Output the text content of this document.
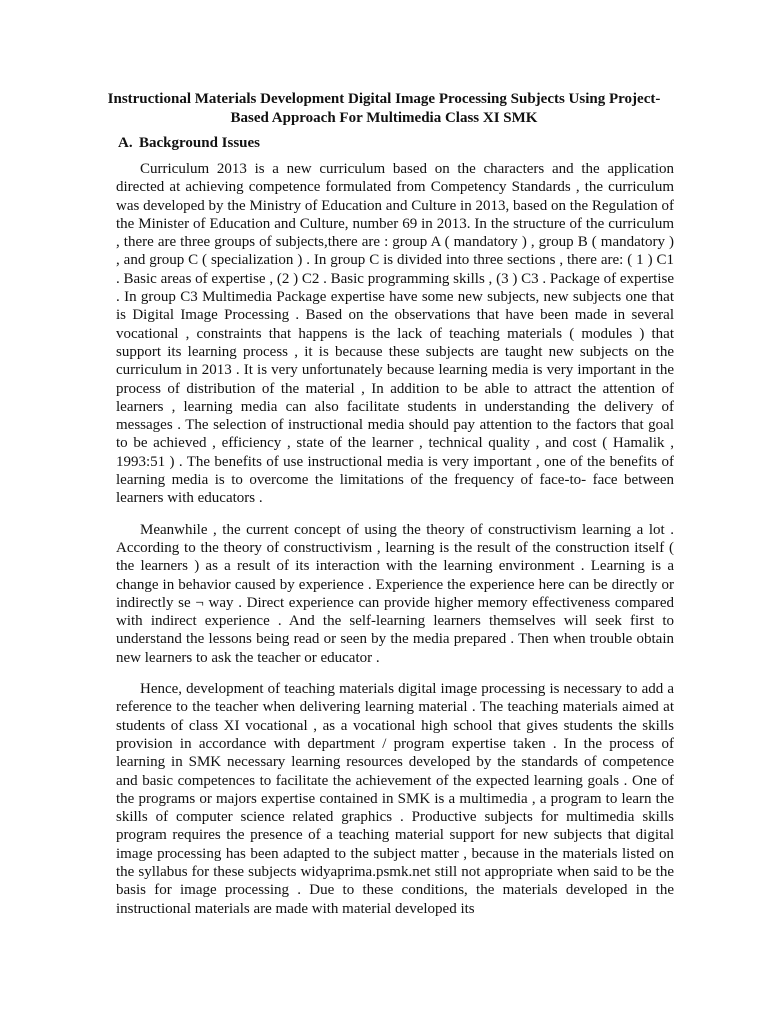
Instructional Materials Development Digital Image Processing Subjects Using Project-
Based Approach For Multimedia Class XI SMK
A. Background Issues

Curriculum 2013 is a new curriculum based on the characters and the application directed at achieving competence formulated from Competency Standards , the curriculum was developed by the Ministry of Education and Culture in 2013, based on the Regulation of the Minister of Education and Culture, number 69 in 2013. In the structure of the curriculum , there are three groups of subjects,there are : group A ( mandatory ) , group B ( mandatory ) , and group C ( specialization ) . In group C is divided into three sections , there are: ( 1 ) C1 . Basic areas of expertise , (2 ) C2 . Basic programming skills , (3 ) C3 . Package of expertise . In group C3 Multimedia Package expertise have some new subjects, new subjects one that is Digital Image Processing . Based on the observations that have been made in several vocational , constraints that happens is the lack of teaching materials ( modules ) that support its learning process , it is because these subjects are taught new subjects on the curriculum in 2013 . It is very unfortunately because learning media is very important in the process of distribution of the material , In addition to be able to attract the attention of learners , learning media can also facilitate students in understanding the delivery of messages . The selection of instructional media should pay attention to the factors that goal to be achieved , efficiency , state of the learner , technical quality , and cost ( Hamalik , 1993:51 ) . The benefits of use instructional media is very important , one of the benefits of learning media is to overcome the limitations of the frequency of face-to- face between learners with educators .

Meanwhile , the current concept of using the theory of constructivism learning a lot . According to the theory of constructivism , learning is the result of the construction itself ( the learners ) as a result of its interaction with the learning environment . Learning is a change in behavior caused by experience . Experience the experience here can be directly or indirectly se ¬ way . Direct experience can provide higher memory effectiveness compared with indirect experience . And the self-learning learners themselves will seek first to understand the lessons being read or seen by the media prepared . Then when trouble obtain new learners to ask the teacher or educator .

Hence, development of teaching materials digital image processing is necessary to add a reference to the teacher when delivering learning material . The teaching materials aimed at students of class XI vocational , as a vocational high school that gives students the skills provision in accordance with department / program expertise taken . In the process of learning in SMK necessary learning resources developed by the standards of competence and basic competences to facilitate the achievement of the expected learning goals . One of the programs or majors expertise contained in SMK is a multimedia , a program to learn the skills of computer science related graphics . Productive subjects for multimedia skills program requires the presence of a teaching material support for new subjects that digital image processing has been adapted to the subject matter , because in the materials listed on the syllabus for these subjects widyaprima.psmk.net still not appropriate when said to be the basis for image processing . Due to these conditions, the materials developed in the instructional materials are made with material developed its
